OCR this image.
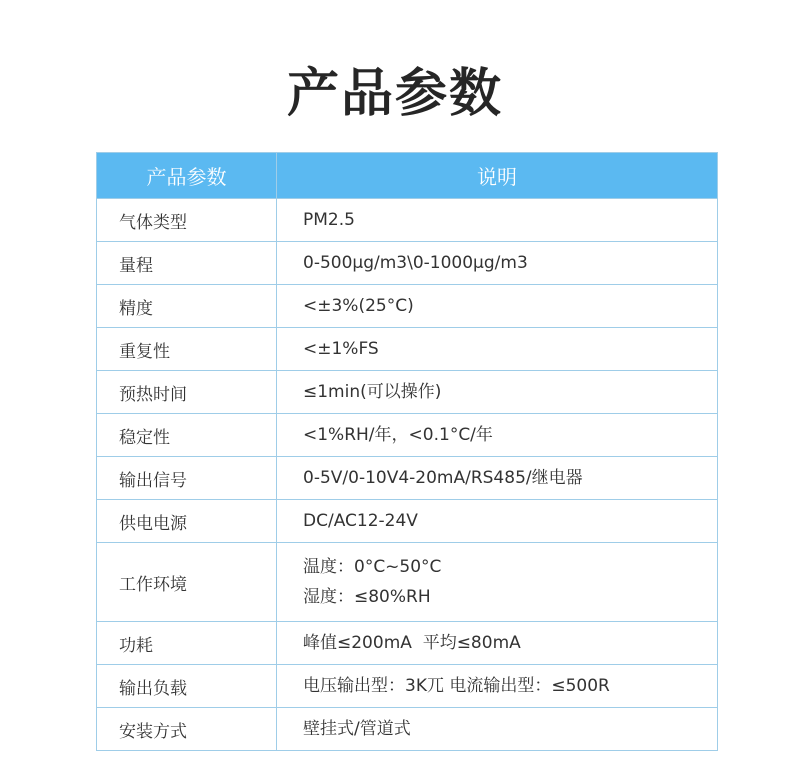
产品参数
产品参数	说明
气体类型	PM2.5

量程	0-500μg/m3\0-1000μg/m3

精度	<±3%(25°C)

重复性	<±1%FS

预热时间	≤1min(可以操作)

稳定性	<1%RH/年，<0.1°C/年

输出信号	0-5V/0-10V4-20mA/RS485/继电器

供电电源	DC/AC12-24V

工作环境	温度：0°C~50°C
湿度：≤80%RH

功耗	峰值≤200mA  平均≤80mA

输出负载	电压输出型：3K兀 电流输出型：≤500R

安装方式	壁挂式/管道式
